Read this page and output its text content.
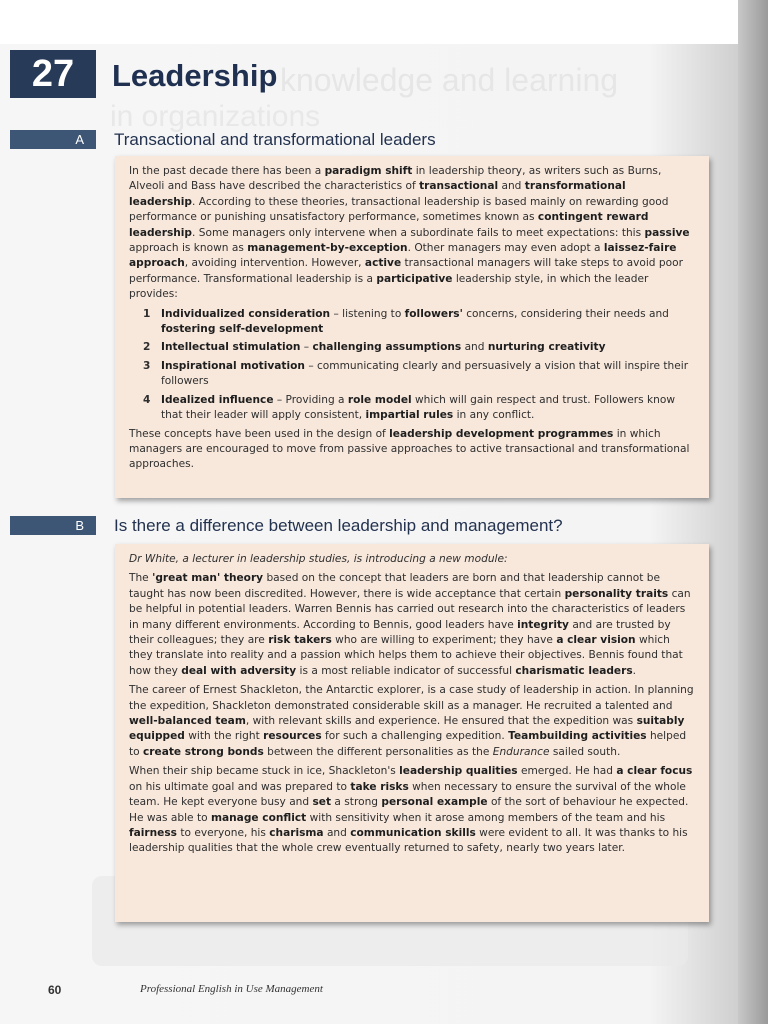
knowledge and learning
in organizations
27	Leadership
A	Transactional and transformational leaders

In the past decade there has been a paradigm shift in leadership theory, as writers such as Burns, Alveoli and Bass have described the characteristics of transactional and transformational leadership. According to these theories, transactional leadership is based mainly on rewarding good performance or punishing unsatisfactory performance, sometimes known as contingent reward leadership. Some managers only intervene when a subordinate fails to meet expectations: this passive approach is known as management-by-exception. Other managers may even adopt a laissez-faire approach, avoiding intervention. However, active transactional managers will take steps to avoid poor performance. Transformational leadership is a participative leadership style, in which the leader provides:

1	Individualized consideration – listening to followers' concerns, considering their needs and fostering self-development
2	Intellectual stimulation – challenging assumptions and nurturing creativity
3	Inspirational motivation – communicating clearly and persuasively a vision that will inspire their followers
4	Idealized influence – Providing a role model which will gain respect and trust. Followers know that their leader will apply consistent, impartial rules in any conflict.

These concepts have been used in the design of leadership development programmes in which managers are encouraged to move from passive approaches to active transactional and transformational approaches.

B	Is there a difference between leadership and management?

Dr White, a lecturer in leadership studies, is introducing a new module:

The 'great man' theory based on the concept that leaders are born and that leadership cannot be taught has now been discredited. However, there is wide acceptance that certain personality traits can be helpful in potential leaders. Warren Bennis has carried out research into the characteristics of leaders in many different environments. According to Bennis, good leaders have integrity and are trusted by their colleagues; they are risk takers who are willing to experiment; they have a clear vision which they translate into reality and a passion which helps them to achieve their objectives. Bennis found that how they deal with adversity is a most reliable indicator of successful charismatic leaders.

The career of Ernest Shackleton, the Antarctic explorer, is a case study of leadership in action. In planning the expedition, Shackleton demonstrated considerable skill as a manager. He recruited a talented and well-balanced team, with relevant skills and experience. He ensured that the expedition was suitably equipped with the right resources for such a challenging expedition. Teambuilding activities helped to create strong bonds between the different personalities as the Endurance sailed south.

When their ship became stuck in ice, Shackleton's leadership qualities emerged. He had a clear focus on his ultimate goal and was prepared to take risks when necessary to ensure the survival of the whole team. He kept everyone busy and set a strong personal example of the sort of behaviour he expected. He was able to manage conflict with sensitivity when it arose among members of the team and his fairness to everyone, his charisma and communication skills were evident to all. It was thanks to his leadership qualities that the whole crew eventually returned to safety, nearly two years later.

60	Professional English in Use Management
